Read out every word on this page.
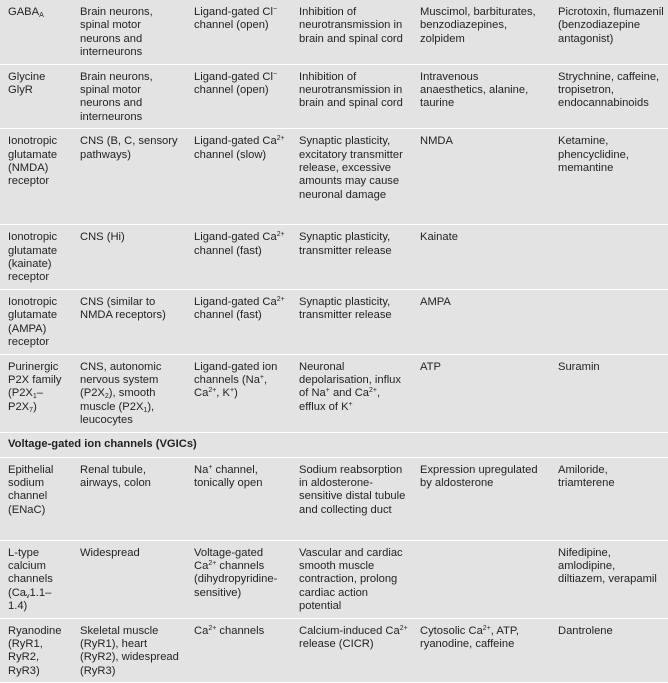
$GABA_A$	Brain neurons, spinal motor neurons and interneurons	Ligand-gated Cl− channel (open)	Inhibition of neurotransmission in brain and spinal cord	Muscimol, barbiturates, benzodiazepines, zolpidem	Picrotoxin, flumazenil (benzodiazepine antagonist)
Glycine GlyR	Brain neurons, spinal motor neurons and interneurons	Ligand-gated Cl− channel (open)	Inhibition of neurotransmission in brain and spinal cord	Intravenous anaesthetics, alanine, taurine	Strychnine, caffeine, tropisetron, endocannabinoids
Ionotropic glutamate (NMDA) receptor	CNS (B, C, sensory pathways)	Ligand-gated $Ca^{2+}$ channel (slow)	Synaptic plasticity, excitatory transmitter release, excessive amounts may cause neuronal damage	NMDA	Ketamine, phencyclidine, memantine
Ionotropic glutamate (kainate) receptor	CNS (Hi)	Ligand-gated $Ca^{2+}$ channel (fast)	Synaptic plasticity, transmitter release	Kainate	
Ionotropic glutamate (AMPA) receptor	CNS (similar to NMDA receptors)	Ligand-gated $Ca^{2+}$ channel (fast)	Synaptic plasticity, transmitter release	AMPA	
Purinergic P2X family $(P2X_1-P2X_7)$	CNS, autonomic nervous system $(P2X_2)$, smooth muscle $(P2X_1)$, leucocytes	Ligand-gated ion channels (Na+, $Ca^{2+}$, K+)	Neuronal depolarisation, influx of Na+ and $Ca^{2+}$, efflux of K+	ATP	Suramin
Voltage-gated ion channels (VGICs)					
Epithelial sodium channel (ENaC)	Renal tubule, airways, colon	Na+ channel, tonically open	Sodium reabsorption in aldosterone-sensitive distal tubule and collecting duct	Expression upregulated by aldosterone	Amiloride, triamterene
L-type calcium channels $(Ca_v1.1-1.4)$	Widespread	Voltage-gated $Ca^{2+}$ channels (dihydropyridine-sensitive)	Vascular and cardiac smooth muscle contraction, prolong cardiac action potential		Nifedipine, amlodipine, diltiazem, verapamil
Ryanodine (RyR1, RyR2, RyR3)	Skeletal muscle (RyR1), heart (RyR2), widespread (RyR3)	$Ca^{2+}$ channels	Calcium-induced $Ca^{2+}$ release (CICR)	Cytosolic $Ca^{2+}$, ATP, ryanodine, caffeine	Dantrolene
